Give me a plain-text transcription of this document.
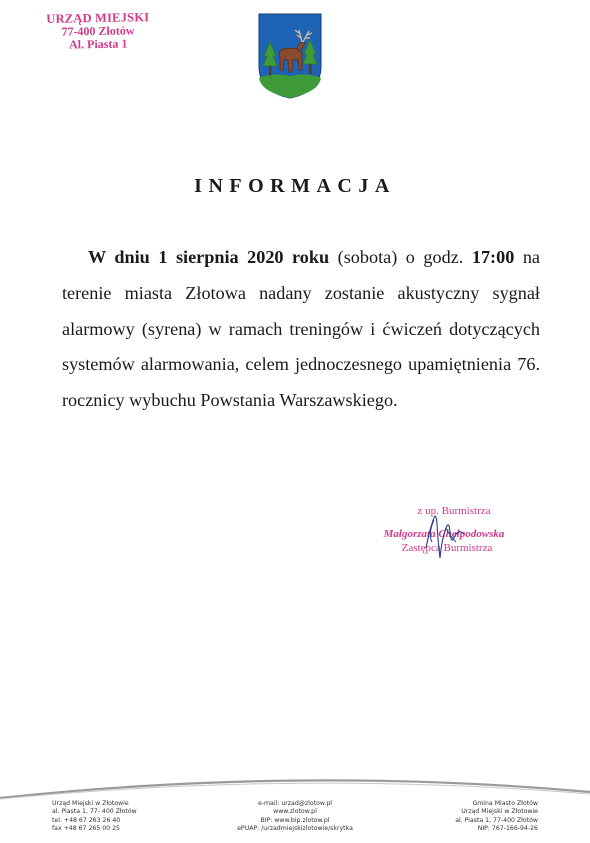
URZĄD MIEJSKI
77-400 Złotów
Al. Piasta 1
INFORMACJA

W dniu 1 sierpnia 2020 roku (sobota) o godz. 17:00 na terenie miasta Złotowa nadany zostanie akustyczny sygnał alarmowy (syrena) w ramach treningów i ćwiczeń dotyczących systemów alarmowania, celem jednoczesnego upamiętnienia 76. rocznicy wybuchu Powstania Warszawskiego.

z up. Burmistrza
Małgorzata Chełpodowska
Zastępca Burmistrza
Urząd Miejski w Złotowie
al. Piasta 1, 77- 400 Złotów
tel. +48 67 263 26 40
fax +48 67 265 00 25
e-mail: urzad@zlotow.pl
www.zlotow.pl
BIP: www.bip.zlotow.pl
ePUAP: /urzadmiejskizlotowie/skrytka
Gmina Miasto Złotów
Urząd Miejski w Złotowie
al. Piasta 1, 77-400 Złotów
NIP: 767-166-94-26
